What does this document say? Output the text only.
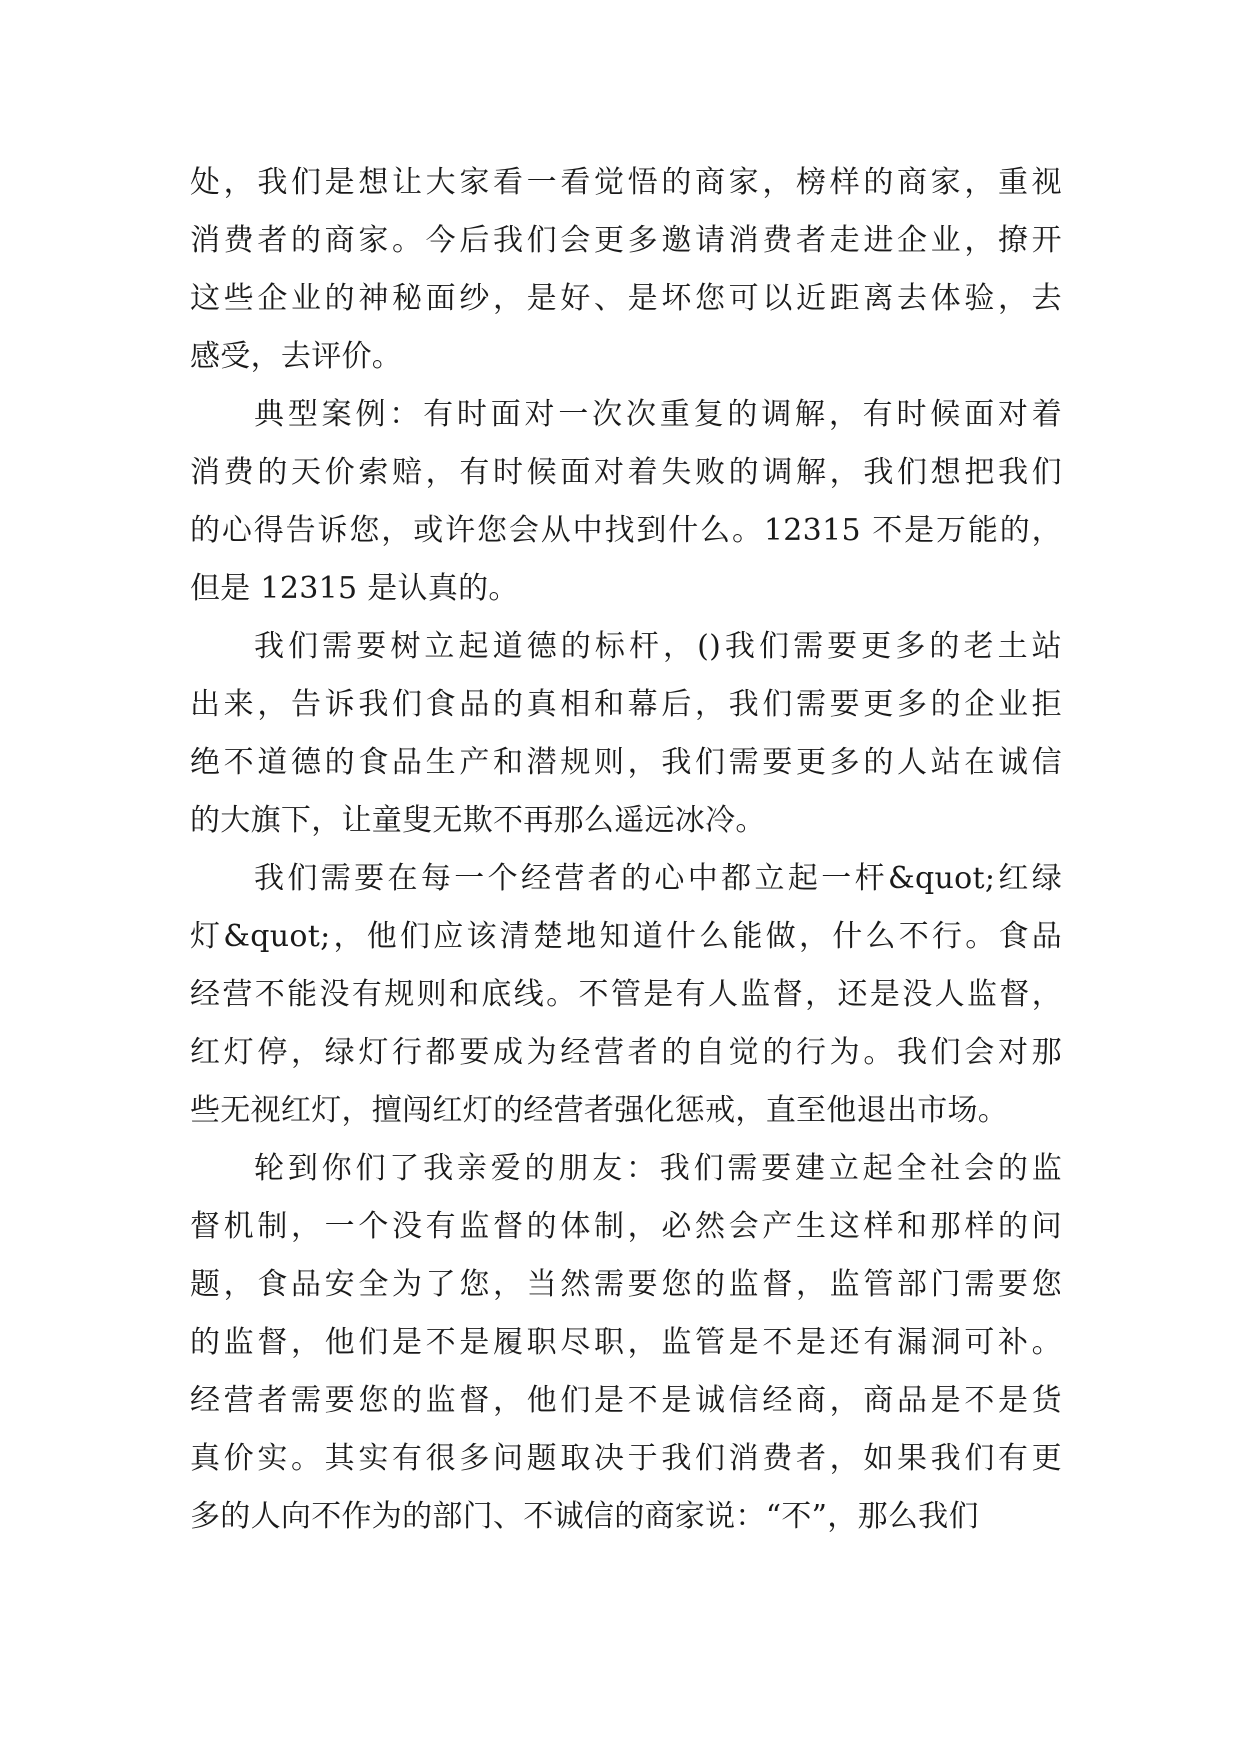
处，我们是想让大家看一看觉悟的商家，榜样的商家，重视
消费者的商家。今后我们会更多邀请消费者走进企业，撩开
这些企业的神秘面纱，是好、是坏您可以近距离去体验，去
感受，去评价。
典型案例：有时面对一次次重复的调解，有时候面对着
消费的天价索赔，有时候面对着失败的调解，我们想把我们
的心得告诉您，或许您会从中找到什么。12315 不是万能的，
但是 12315 是认真的。
我们需要树立起道德的标杆，()我们需要更多的老土站
出来，告诉我们食品的真相和幕后，我们需要更多的企业拒
绝不道德的食品生产和潜规则，我们需要更多的人站在诚信
的大旗下，让童叟无欺不再那么遥远冰冷。
我们需要在每一个经营者的心中都立起一杆&quot;红绿
灯&quot;，他们应该清楚地知道什么能做，什么不行。食品
经营不能没有规则和底线。不管是有人监督，还是没人监督，
红灯停，绿灯行都要成为经营者的自觉的行为。我们会对那
些无视红灯，擅闯红灯的经营者强化惩戒，直至他退出市场。
轮到你们了我亲爱的朋友：我们需要建立起全社会的监
督机制，一个没有监督的体制，必然会产生这样和那样的问
题，食品安全为了您，当然需要您的监督，监管部门需要您
的监督，他们是不是履职尽职，监管是不是还有漏洞可补。
经营者需要您的监督，他们是不是诚信经商，商品是不是货
真价实。其实有很多问题取决于我们消费者，如果我们有更
多的人向不作为的部门、不诚信的商家说：“不”，那么我们
